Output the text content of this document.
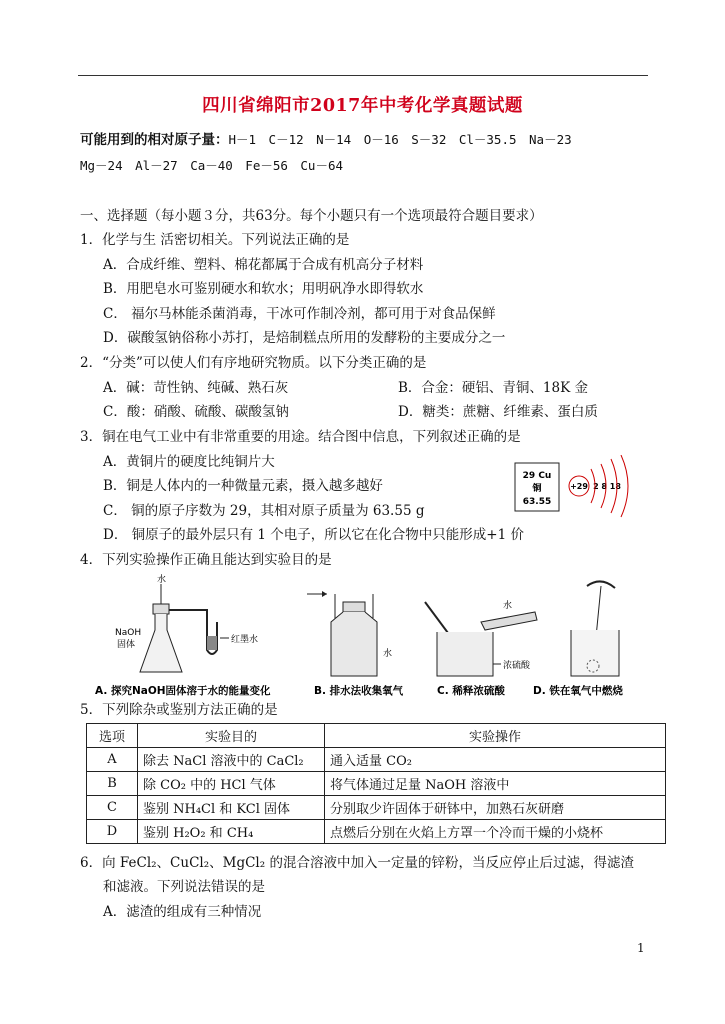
四川省绵阳市2017年中考化学真题试题
可能用到的相对原子量：H－1　C－12　N－14　O－16　S－32　Cl－35.5　Na－23
Mg－24　Al－27　Ca－40　Fe－56　Cu－64
一、选择题（每小题３分，共63分。每个小题只有一个选项最符合题目要求）
1．化学与生 活密切相关。下列说法正确的是
A．合成纤维、塑料、棉花都属于合成有机高分子材料
B．用肥皂水可鉴别硬水和软水；用明矾净水即得软水
C． 福尔马林能杀菌消毒，干冰可作制冷剂，都可用于对食品保鲜
D．碳酸氢钠俗称小苏打，是焙制糕点所用的发酵粉的主要成分之一
2．“分类”可以使人们有序地研究物质。以下分类正确的是
A．碱：苛性钠、纯碱、熟石灰	B．合金：硬铝、青铜、18K 金
C．酸：硝酸、硫酸、碳酸氢钠	D．糖类：蔗糖、纤维素、蛋白质
3．铜在电气工业中有非常重要的用途。结合图中信息，下列叙述正确的是
A．黄铜片的硬度比纯铜片大
B．铜是人体内的一种微量元素，摄入越多越好
C． 铜的原子序数为 29，其相对原子质量为 63.55 g
D． 铜原子的最外层只有 1 个电子，所以它在化合物中只能形成+1 价
29 Cu
铜
63.55
+29 2 8 18
4．下列实验操作正确且能达到实验目的是
水
NaOH
固体	红墨水
水
水
浓硫酸
A. 探究NaOH固体溶于水的能量变化	B. 排水法收集氧气	C. 稀释浓硫酸	D. 铁在氧气中燃烧
5．下列除杂或鉴别方法正确的是
选项	实验目的	实验操作
A	除去 NaCl 溶液中的 CaCl₂	通入适量 CO₂
B	除 CO₂ 中的 HCl 气体	将气体通过足量 NaOH 溶液中
C	鉴别 NH₄Cl 和 KCl 固体	分别取少许固体于研钵中，加熟石灰研磨
D	鉴别 H₂O₂ 和 CH₄	点燃后分别在火焰上方罩一个冷而干燥的小烧杯
6．向 FeCl₂、CuCl₂、MgCl₂ 的混合溶液中加入一定量的锌粉，当反应停止后过滤，得滤渣
和滤液。下列说法错误的是
A．滤渣的组成有三种情况
1
